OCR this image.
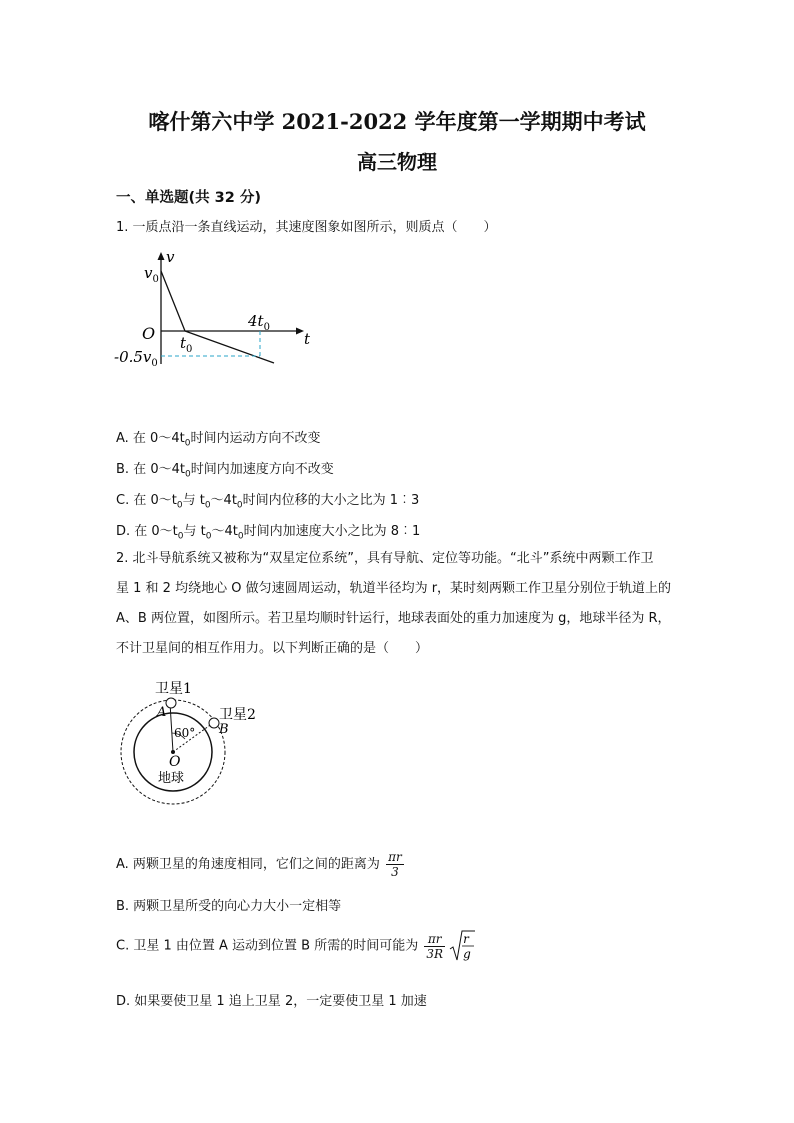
喀什第六中学 2021-2022 学年度第一学期期中考试
高三物理
一、单选题(共 32 分)
1. 一质点沿一条直线运动，其速度图象如图所示，则质点（　　）
v
$v_0$
O	t
$t_0$
$4t_0$
$-0.5v_0$
A. 在 $0\sim 4t_0$时间内运动方向不改变
B. 在 $0\sim 4t_0$时间内加速度方向不改变
C. 在 $0\sim t_0$与 $t_0\sim 4t_0$时间内位移的大小之比为 1︰3
D. 在 $0\sim t_0$与 $t_0\sim 4t_0$时间内加速度大小之比为 8︰1
2. 北斗导航系统又被称为“双星定位系统”，具有导航、定位等功能。“北斗”系统中两颗工作卫
星 1 和 2 均绕地心 O 做匀速圆周运动，轨道半径均为 r，某时刻两颗工作卫星分别位于轨道上的
A、B 两位置，如图所示。若卫星均顺时针运行，地球表面处的重力加速度为 g，地球半径为 R，
不计卫星间的相互作用力。以下判断正确的是（　　）
卫星1
A	卫星2
B
60°
O
地球
A. 两颗卫星的角速度相同，它们之间的距离为 $\frac{\pi r}{3}$
B. 两颗卫星所受的向心力大小一定相等
C. 卫星 1 由位置 A 运动到位置 B 所需的时间可能为 $\frac{\pi r}{3R}$
r
g
D. 如果要使卫星 1 追上卫星 2，一定要使卫星 1 加速
